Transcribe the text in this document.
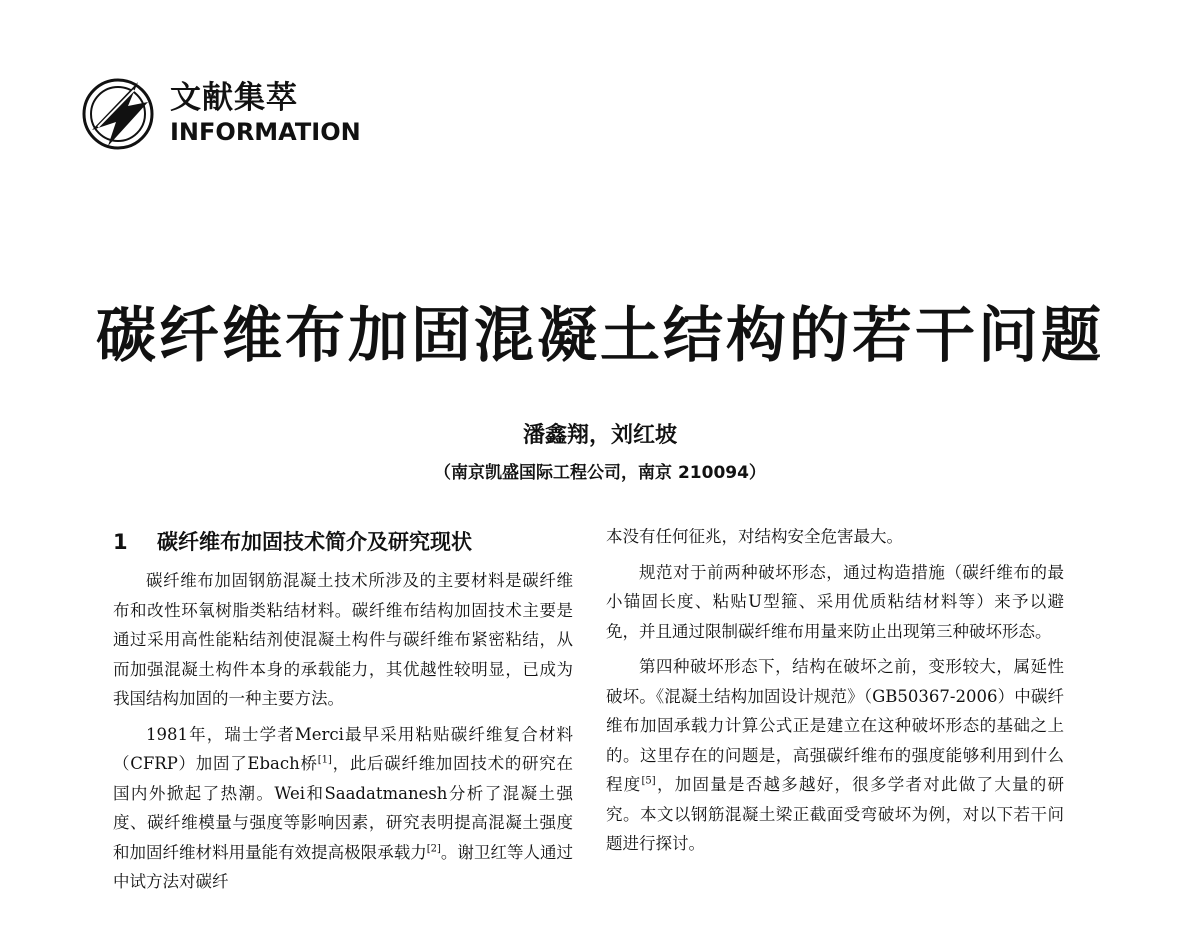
文献集萃
INFORMATION
碳纤维布加固混凝土结构的若干问题
潘鑫翔，刘红坡
（南京凯盛国际工程公司，南京 210094）
1 碳纤维布加固技术简介及研究现状

碳纤维布加固钢筋混凝土技术所涉及的主要材料是碳纤维布和改性环氧树脂类粘结材料。碳纤维布结构加固技术主要是通过采用高性能粘结剂使混凝土构件与碳纤维布紧密粘结，从而加强混凝土构件本身的承载能力，其优越性较明显，已成为我国结构加固的一种主要方法。

1981年，瑞士学者Merci最早采用粘贴碳纤维复合材料（CFRP）加固了Ebach桥[1]，此后碳纤维加固技术的研究在国内外掀起了热潮。Wei和Saadatmanesh分析了混凝土强度、碳纤维模量与强度等影响因素，研究表明提高混凝土强度和加固纤维材料用量能有效提高极限承载力[2]。谢卫红等人通过中试方法对碳纤

本没有任何征兆，对结构安全危害最大。

规范对于前两种破坏形态，通过构造措施（碳纤维布的最小锚固长度、粘贴U型箍、采用优质粘结材料等）来予以避免，并且通过限制碳纤维布用量来防止出现第三种破坏形态。

第四种破坏形态下，结构在破坏之前，变形较大，属延性破坏。《混凝土结构加固设计规范》（GB50367-2006）中碳纤维布加固承载力计算公式正是建立在这种破坏形态的基础之上的。这里存在的问题是，高强碳纤维布的强度能够利用到什么程度[5]，加固量是否越多越好，很多学者对此做了大量的研究。本文以钢筋混凝土梁正截面受弯破坏为例，对以下若干问题进行探讨。
